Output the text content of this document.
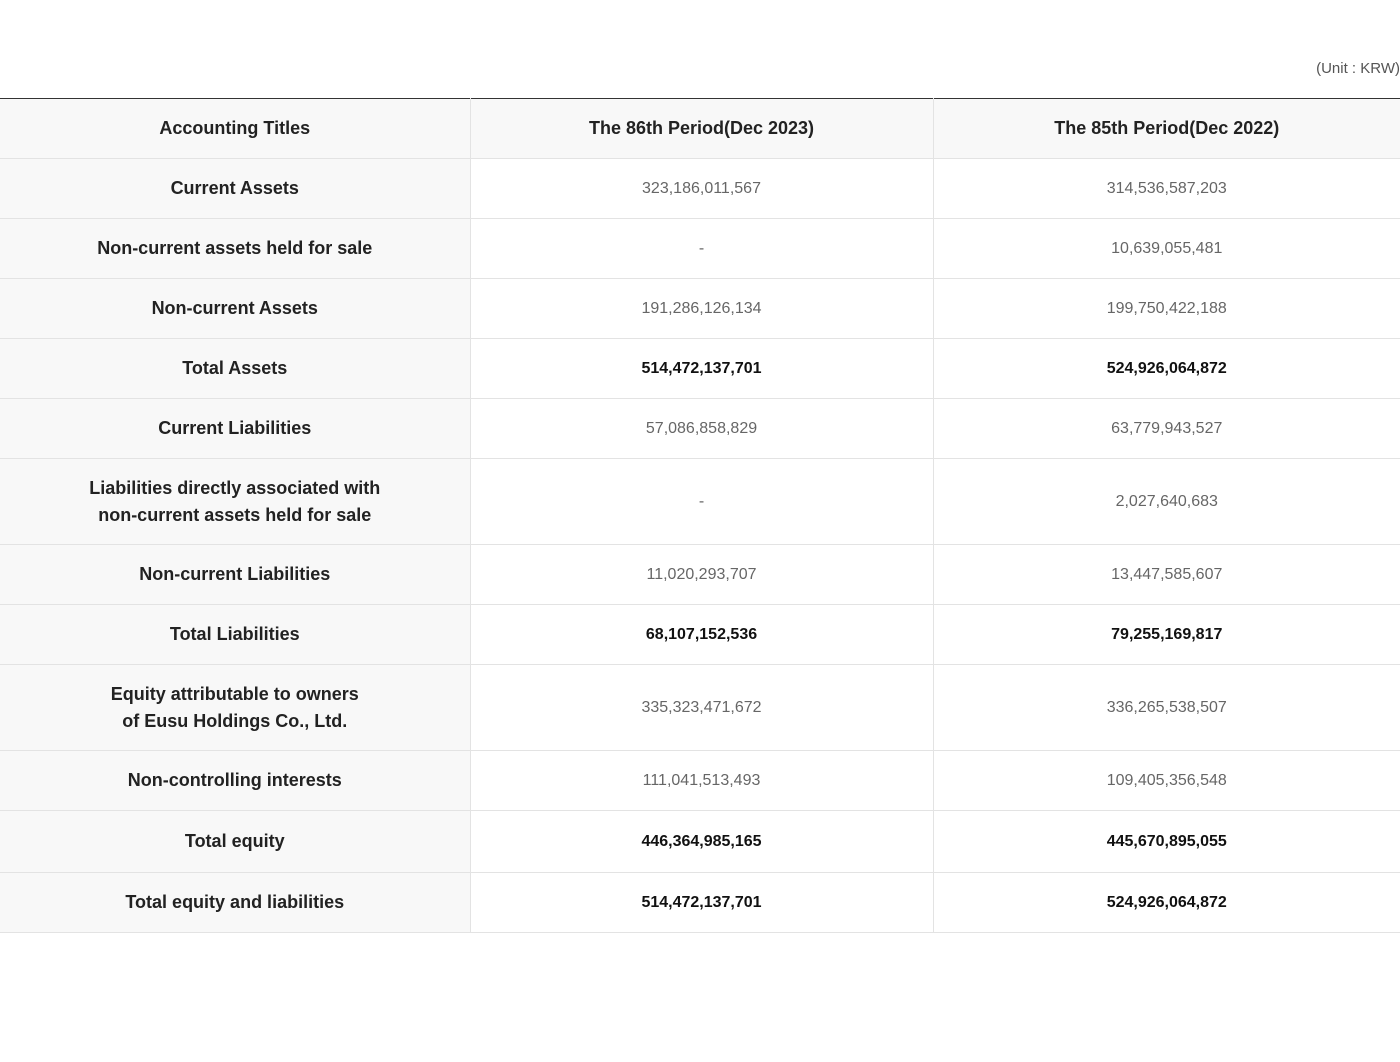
(Unit : KRW)
Accounting Titles	The 86th Period(Dec 2023)	The 85th Period(Dec 2022)
Current Assets	323,186,011,567	314,536,587,203
Non-current assets held for sale	-	10,639,055,481
Non-current Assets	191,286,126,134	199,750,422,188
Total Assets	514,472,137,701	524,926,064,872
Current Liabilities	57,086,858,829	63,779,943,527

Liabilities directly associated with
non-current assets held for sale	-	2,027,640,683
Non-current Liabilities	11,020,293,707	13,447,585,607
Total Liabilities	68,107,152,536	79,255,169,817

Equity attributable to owners
of Eusu Holdings Co., Ltd.	335,323,471,672	336,265,538,507
Non-controlling interests	111,041,513,493	109,405,356,548
Total equity	446,364,985,165	445,670,895,055
Total equity and liabilities	514,472,137,701	524,926,064,872
